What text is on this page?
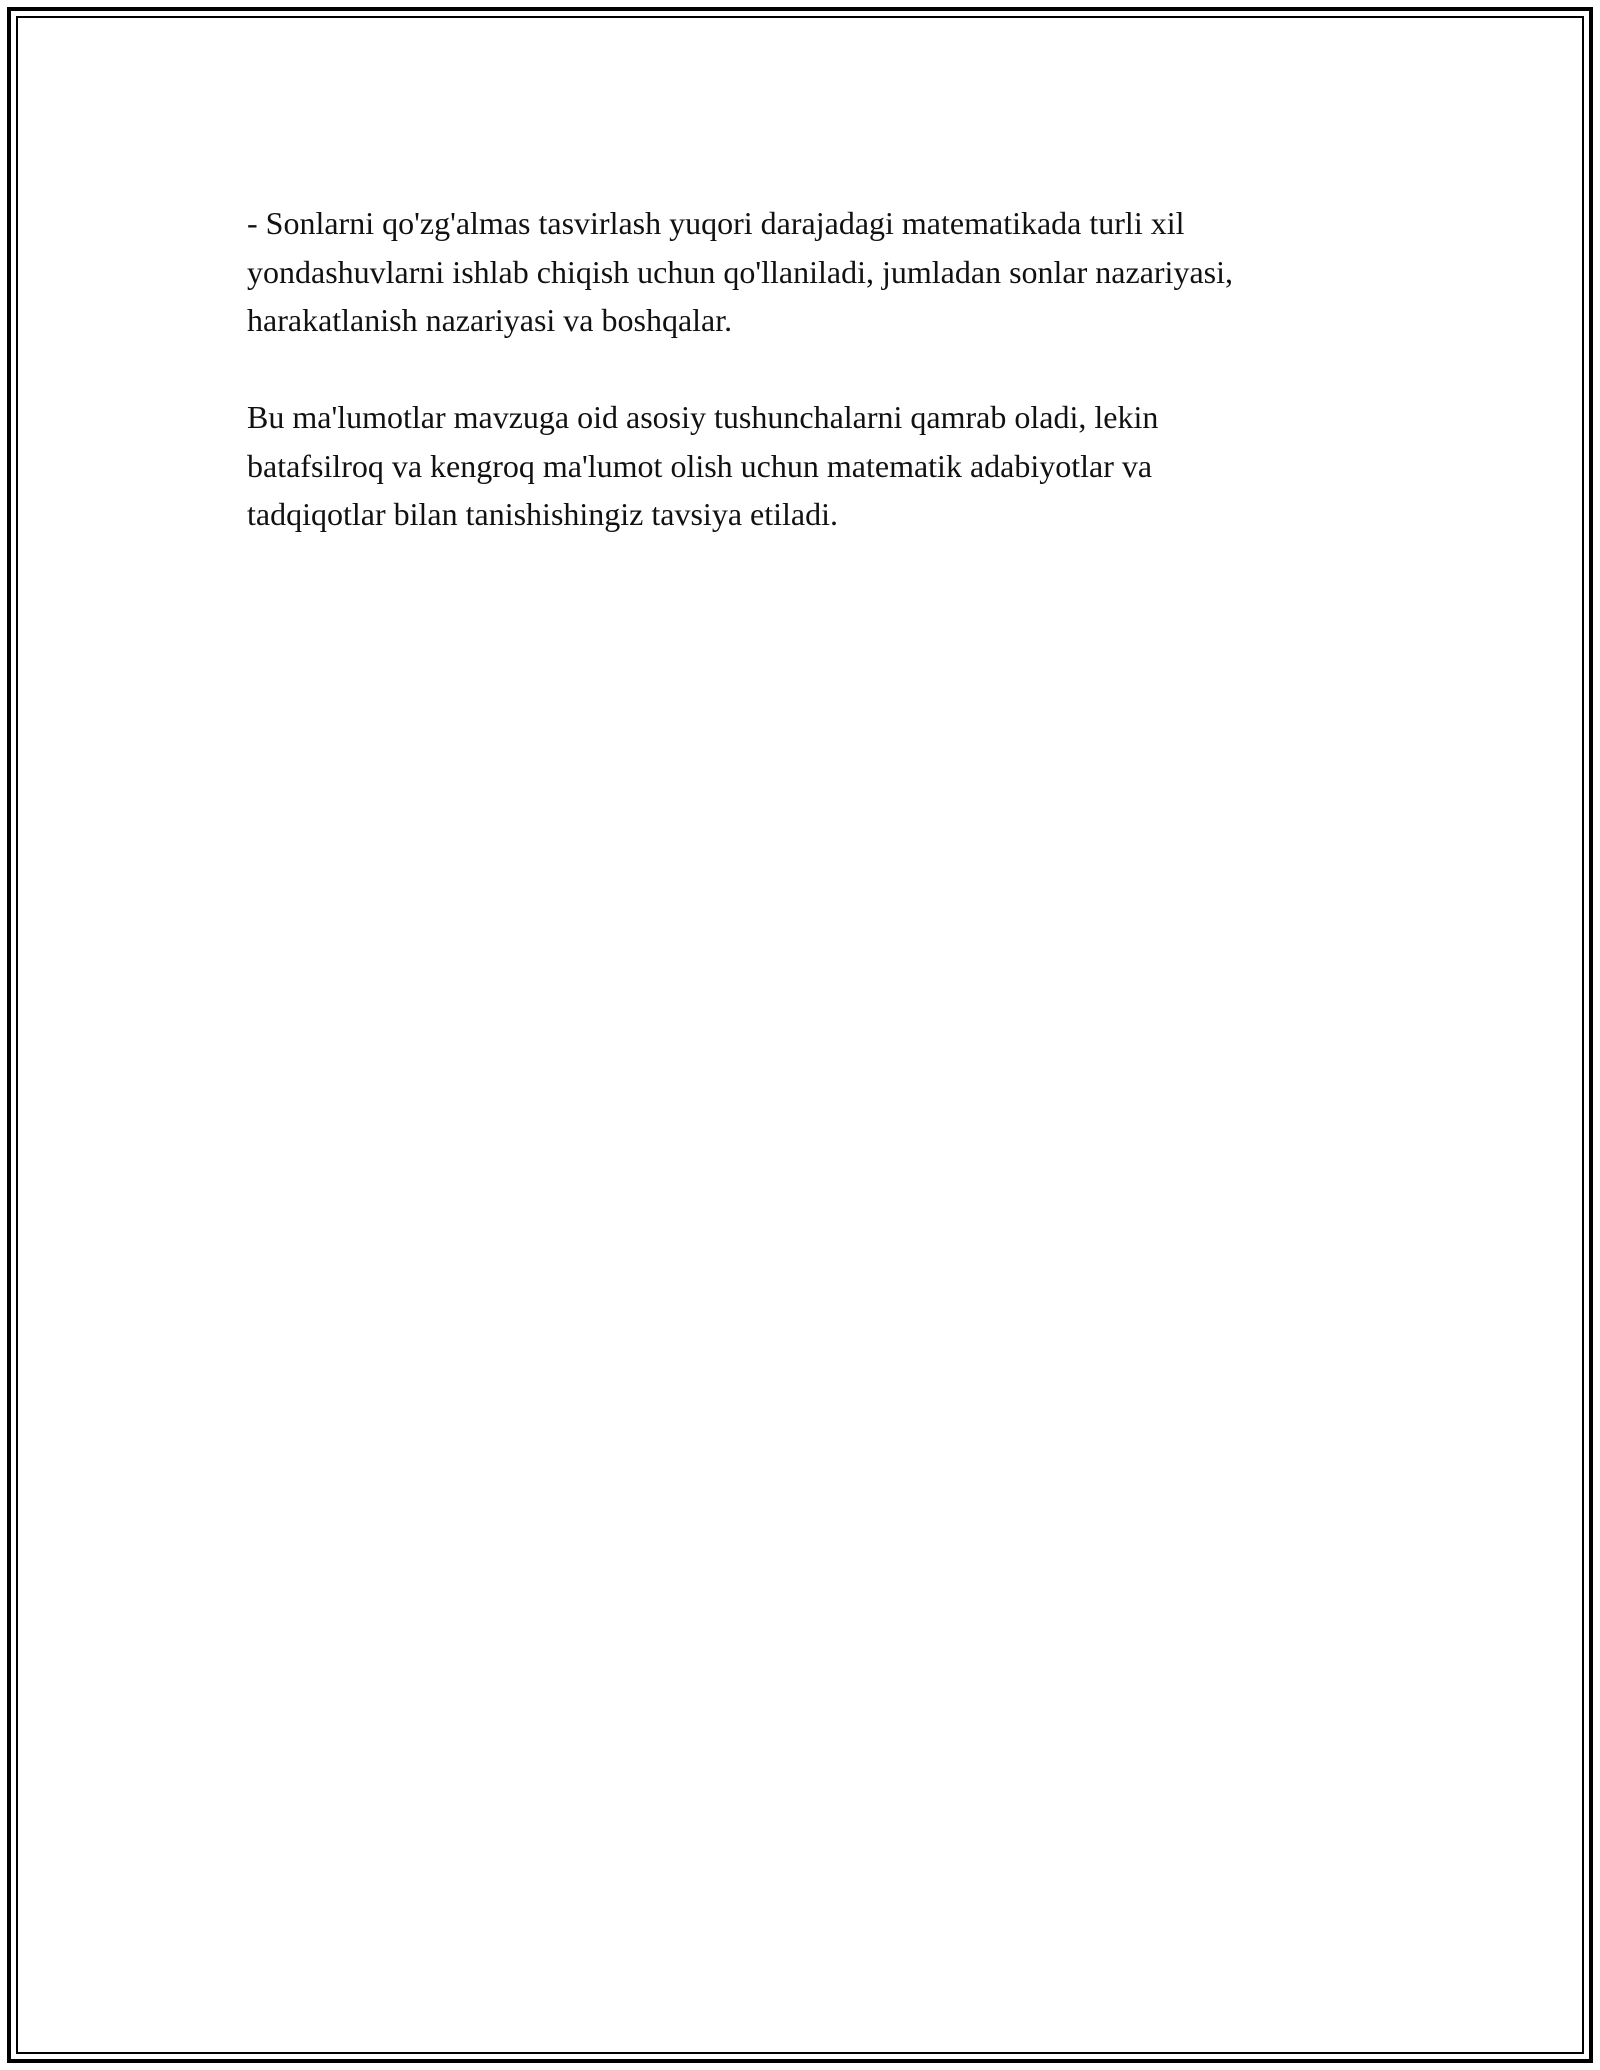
- Sonlarni qo'zg'almas tasvirlash yuqori darajadagi matematikada turli xil
yondashuvlarni ishlab chiqish uchun qo'llaniladi, jumladan sonlar nazariyasi,
harakatlanish nazariyasi va boshqalar.

Bu ma'lumotlar mavzuga oid asosiy tushunchalarni qamrab oladi, lekin
batafsilroq va kengroq ma'lumot olish uchun matematik adabiyotlar va
tadqiqotlar bilan tanishishingiz tavsiya etiladi.
